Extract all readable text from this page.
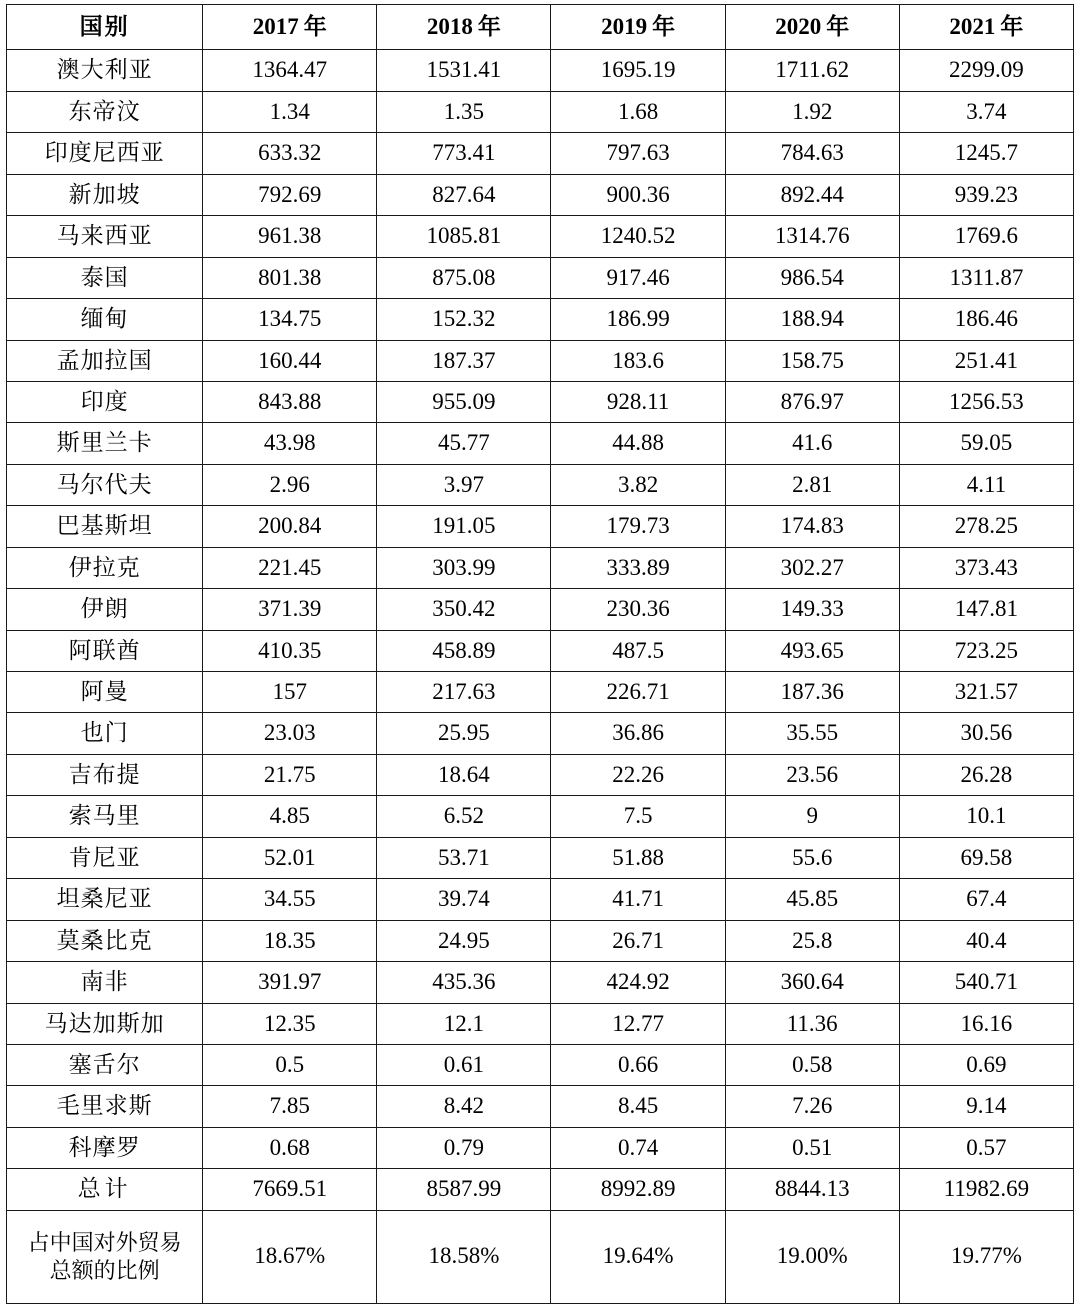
国别	2017 年	2018 年	2019 年	2020 年	2021 年
澳大利亚	1364.47	1531.41	1695.19	1711.62	2299.09
东帝汶	1.34	1.35	1.68	1.92	3.74
印度尼西亚	633.32	773.41	797.63	784.63	1245.7
新加坡	792.69	827.64	900.36	892.44	939.23
马来西亚	961.38	1085.81	1240.52	1314.76	1769.6
泰国	801.38	875.08	917.46	986.54	1311.87
缅甸	134.75	152.32	186.99	188.94	186.46
孟加拉国	160.44	187.37	183.6	158.75	251.41
印度	843.88	955.09	928.11	876.97	1256.53
斯里兰卡	43.98	45.77	44.88	41.6	59.05
马尔代夫	2.96	3.97	3.82	2.81	4.11
巴基斯坦	200.84	191.05	179.73	174.83	278.25
伊拉克	221.45	303.99	333.89	302.27	373.43
伊朗	371.39	350.42	230.36	149.33	147.81
阿联酋	410.35	458.89	487.5	493.65	723.25
阿曼	157	217.63	226.71	187.36	321.57
也门	23.03	25.95	36.86	35.55	30.56
吉布提	21.75	18.64	22.26	23.56	26.28
索马里	4.85	6.52	7.5	9	10.1
肯尼亚	52.01	53.71	51.88	55.6	69.58
坦桑尼亚	34.55	39.74	41.71	45.85	67.4
莫桑比克	18.35	24.95	26.71	25.8	40.4
南非	391.97	435.36	424.92	360.64	540.71
马达加斯加	12.35	12.1	12.77	11.36	16.16
塞舌尔	0.5	0.61	0.66	0.58	0.69
毛里求斯	7.85	8.42	8.45	7.26	9.14
科摩罗	0.68	0.79	0.74	0.51	0.57
总计	7669.51	8587.99	8992.89	8844.13	11982.69
占中国对外贸易总额的比例	18.67%	18.58%	19.64%	19.00%	19.77%
